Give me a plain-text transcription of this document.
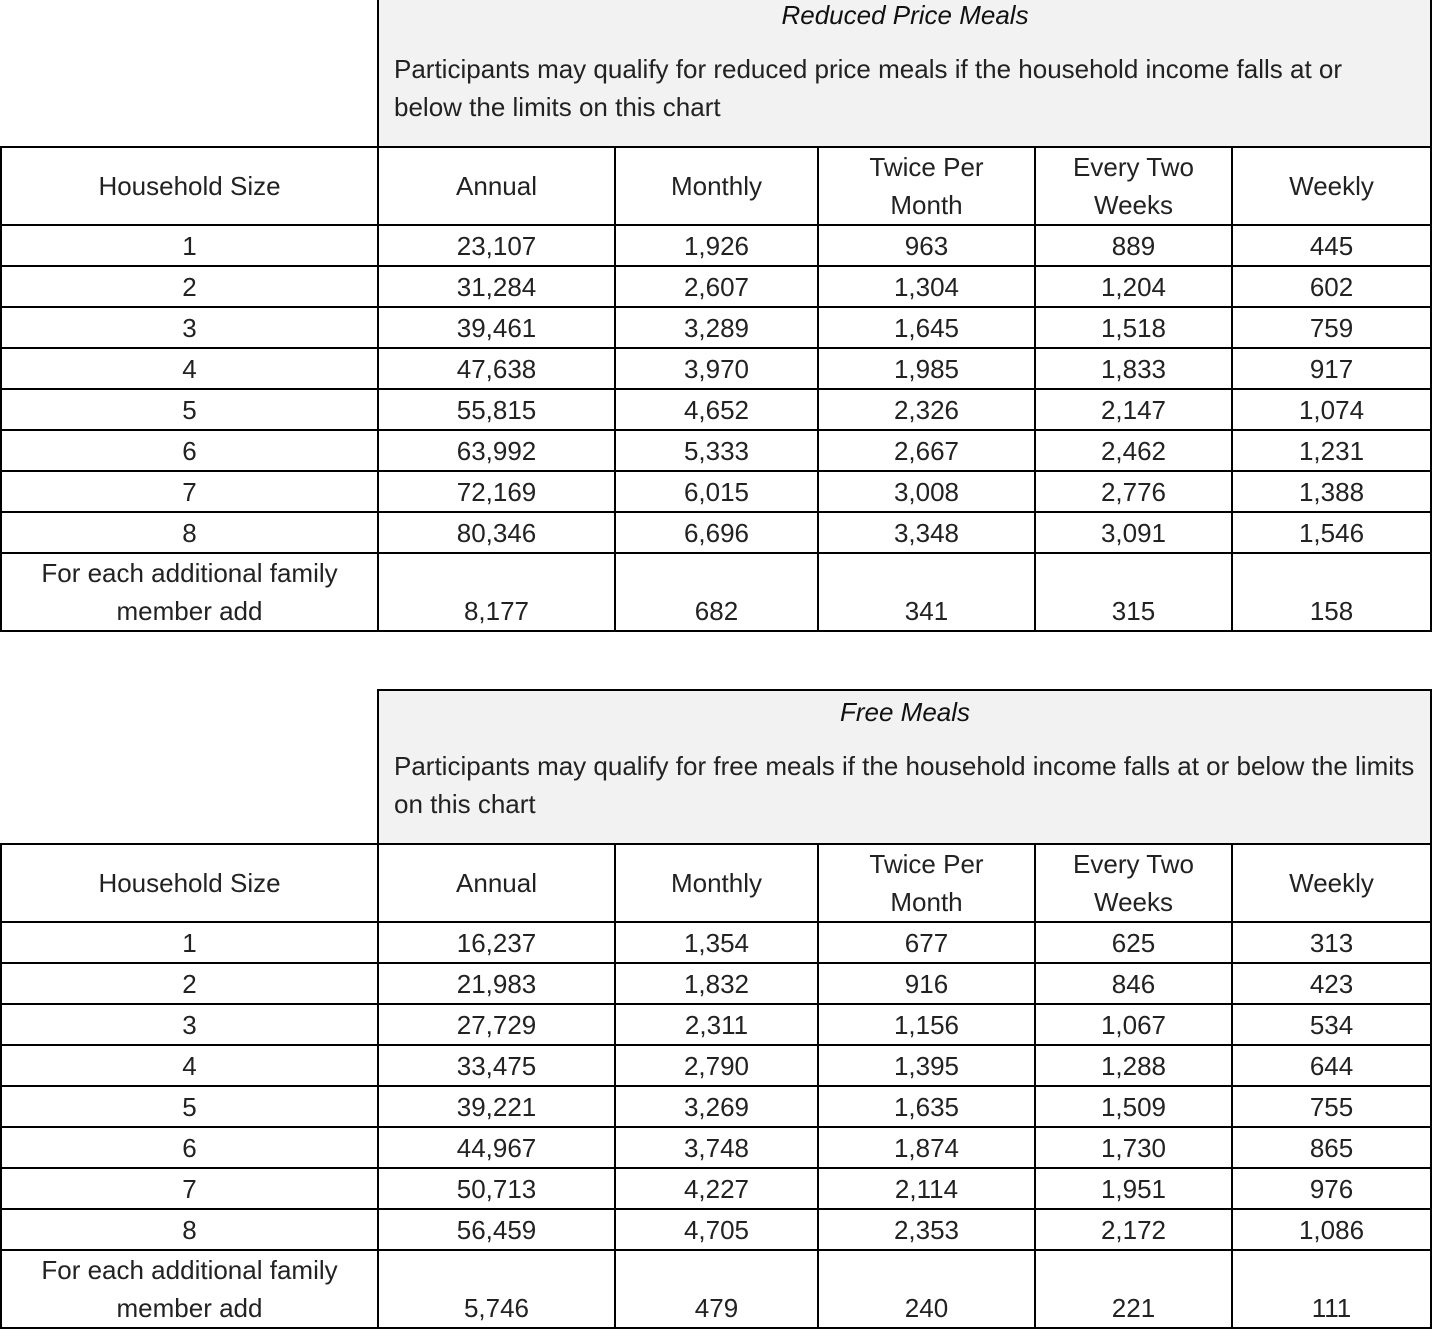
	Reduced Price Meals
Participants may qualify for reduced price meals if the household income falls at or below the limits on this chart				

Household Size	Annual	Monthly	Twice Per Month	Every Two Weeks	Weekly
1	23,107	1,926	963	889	445
2	31,284	2,607	1,304	1,204	602
3	39,461	3,289	1,645	1,518	759
4	47,638	3,970	1,985	1,833	917
5	55,815	4,652	2,326	2,147	1,074
6	63,992	5,333	2,667	2,462	1,231
7	72,169	6,015	3,008	2,776	1,388
8	80,346	6,696	3,348	3,091	1,546
For each additional family member add	8,177	682	341	315	158

	Free Meals
Participants may qualify for free meals if the household income falls at or below the limits on this chart				

Household Size	Annual	Monthly	Twice Per Month	Every Two Weeks	Weekly
1	16,237	1,354	677	625	313
2	21,983	1,832	916	846	423
3	27,729	2,311	1,156	1,067	534
4	33,475	2,790	1,395	1,288	644
5	39,221	3,269	1,635	1,509	755
6	44,967	3,748	1,874	1,730	865
7	50,713	4,227	2,114	1,951	976
8	56,459	4,705	2,353	2,172	1,086
For each additional family member add	5,746	479	240	221	111
